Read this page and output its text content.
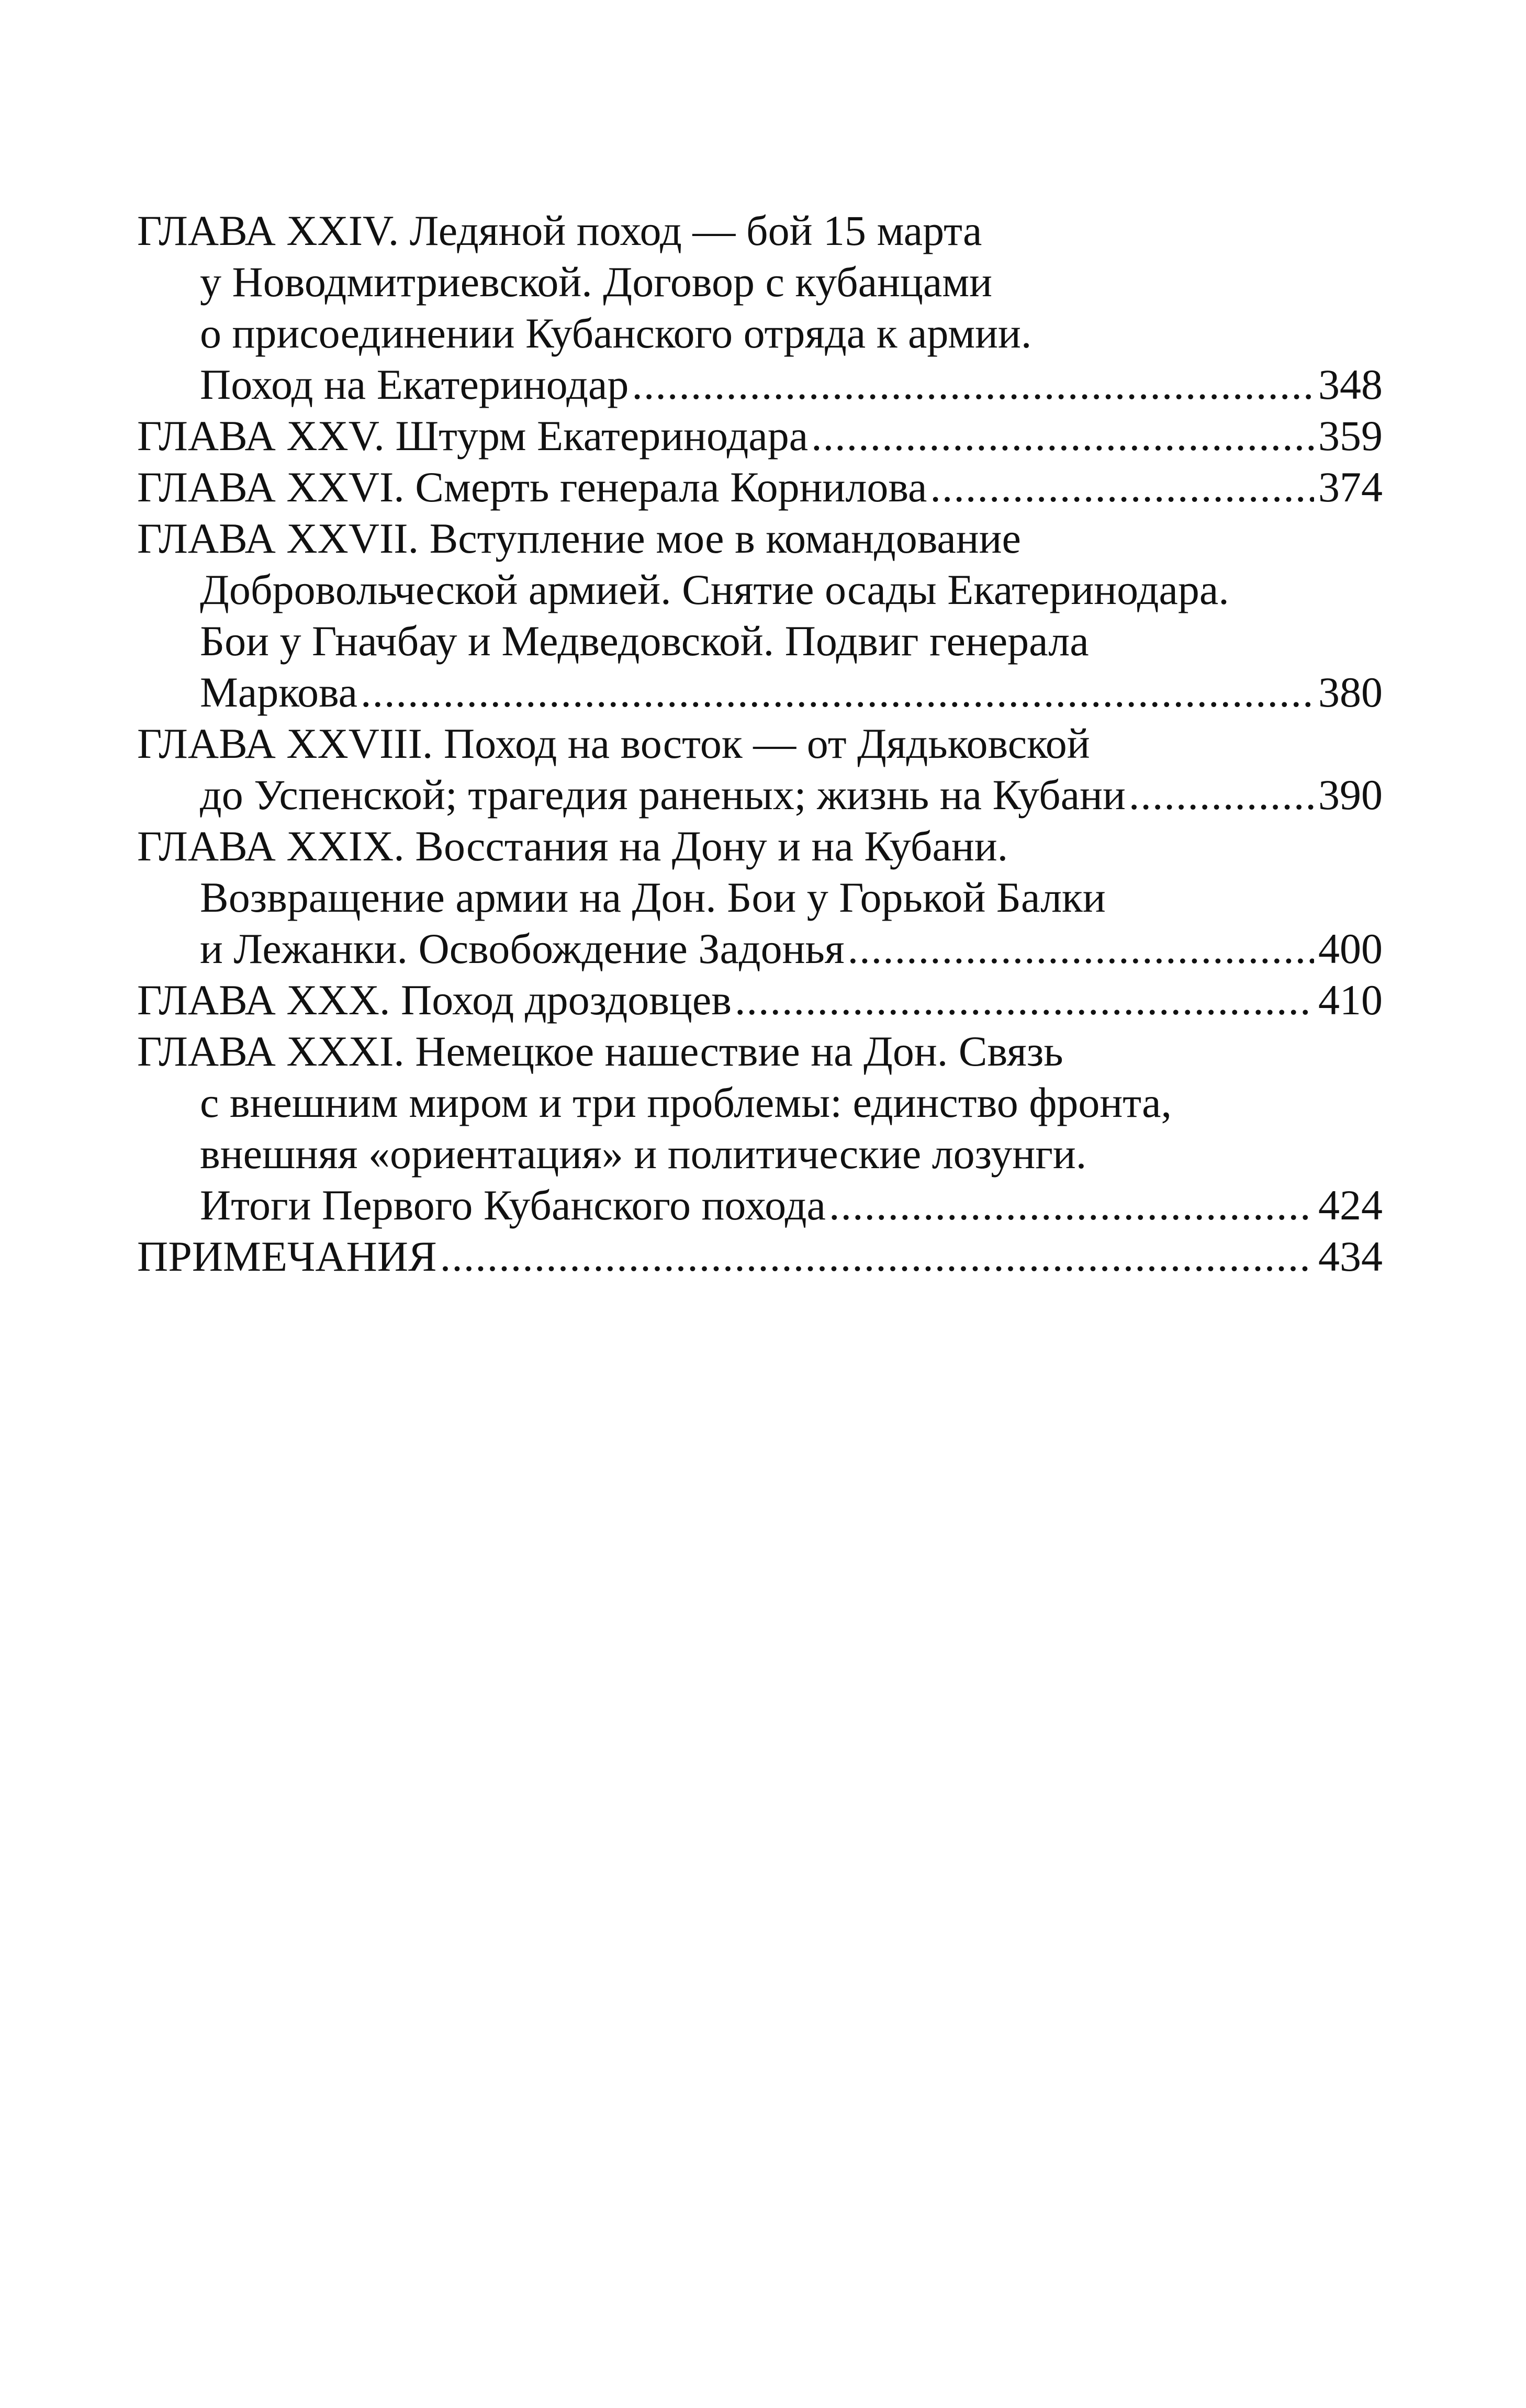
ГЛАВА XXIV. Ледяной поход — бой 15 марта
у Новодмитриевской. Договор с кубанцами
о присоединении Кубанского отряда к армии.
Поход на Екатеринодар .....	348
ГЛАВА XXV. Штурм Екатеринодара .....	359
ГЛАВА XXVI. Смерть генерала Корнилова .....	374
ГЛАВА XXVII. Вступление мое в командование
Добровольческой армией. Снятие осады Екатеринодара.
Бои у Гначбау и Медведовской. Подвиг генерала
Маркова .....	380
ГЛАВА XXVIII. Поход на восток — от Дядьковской
до Успенской; трагедия раненых; жизнь на Кубани .....	390
ГЛАВА XXIX. Восстания на Дону и на Кубани.
Возвращение армии на Дон. Бои у Горькой Балки
и Лежанки. Освобождение Задонья .....	400
ГЛАВА XXX. Поход дроздовцев .....	410
ГЛАВА XXXI. Немецкое нашествие на Дон. Связь
с внешним миром и три проблемы: единство фронта,
внешняя «ориентация» и политические лозунги.
Итоги Первого Кубанского похода .....	424
ПРИМЕЧАНИЯ .....	434
